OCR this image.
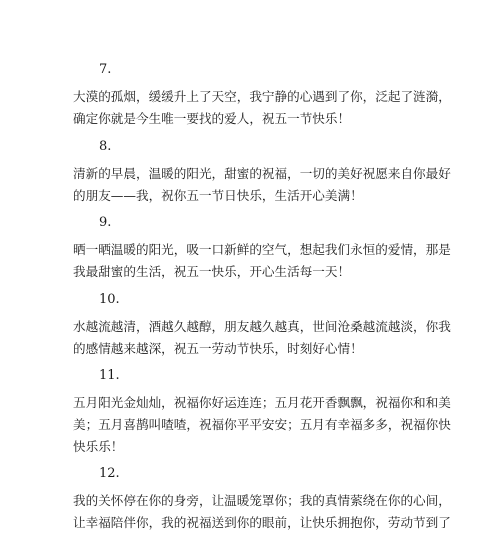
7.
大漠的孤烟，缓缓升上了天空，我宁静的心遇到了你，泛起了涟漪，
确定你就是今生唯一要找的爱人，祝五一节快乐！
8.
清新的早晨，温暖的阳光，甜蜜的祝福，一切的美好祝愿来自你最好
的朋友——我，祝你五一节日快乐，生活开心美满！
9.
晒一晒温暖的阳光，吸一口新鲜的空气，想起我们永恒的爱情，那是
我最甜蜜的生活，祝五一快乐，开心生活每一天！
10.
水越流越清，酒越久越醇，朋友越久越真，世间沧桑越流越淡，你我
的感情越来越深，祝五一劳动节快乐，时刻好心情！
11.
五月阳光金灿灿，祝福你好运连连；五月花开香飘飘，祝福你和和美
美；五月喜鹊叫喳喳，祝福你平平安安；五月有幸福多多，祝福你快
快乐乐！
12.
我的关怀停在你的身旁，让温暖笼罩你；我的真情萦绕在你的心间，
让幸福陪伴你，我的祝福送到你的眼前，让快乐拥抱你，劳动节到了
